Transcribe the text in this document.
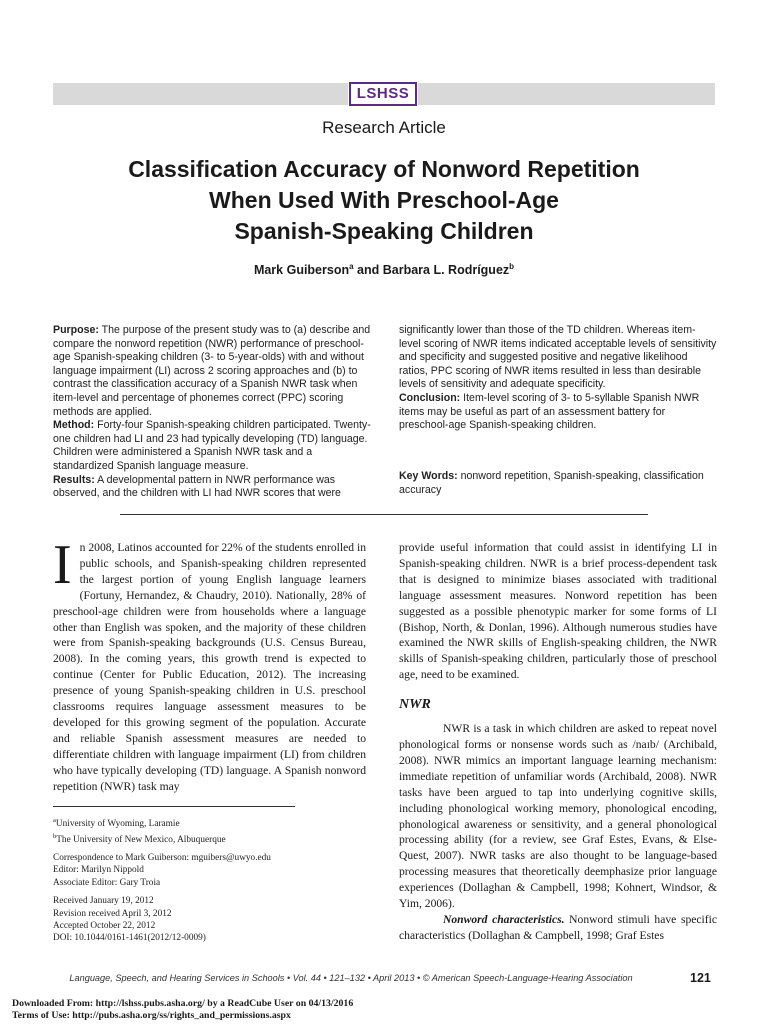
LSHSS
Research Article
Classification Accuracy of Nonword Repetition
When Used With Preschool-Age
Spanish-Speaking Children
Mark Guiberson$^a$ and Barbara L. Rodríguez$^b$

Purpose: The purpose of the present study was to (a) describe and compare the nonword repetition (NWR) performance of preschool-age Spanish-speaking children (3- to 5-year-olds) with and without language impairment (LI) across 2 scoring approaches and (b) to contrast the classification accuracy of a Spanish NWR task when item-level and percentage of phonemes correct (PPC) scoring methods are applied.

Method: Forty-four Spanish-speaking children participated. Twenty-one children had LI and 23 had typically developing (TD) language. Children were administered a Spanish NWR task and a standardized Spanish language measure.

Results: A developmental pattern in NWR performance was observed, and the children with LI had NWR scores that were

significantly lower than those of the TD children. Whereas item-level scoring of NWR items indicated acceptable levels of sensitivity and specificity and suggested positive and negative likelihood ratios, PPC scoring of NWR items resulted in less than desirable levels of sensitivity and adequate specificity.

Conclusion: Item-level scoring of 3- to 5-syllable Spanish NWR items may be useful as part of an assessment battery for preschool-age Spanish-speaking children.

Key Words: nonword repetition, Spanish-speaking, classification accuracy

In 2008, Latinos accounted for 22% of the students enrolled in public schools, and Spanish-speaking children represented the largest portion of young English language learners (Fortuny, Hernandez, & Chaudry, 2010). Nationally, 28% of preschool-age children were from households where a language other than English was spoken, and the majority of these children were from Spanish-speaking backgrounds (U.S. Census Bureau, 2008). In the coming years, this growth trend is expected to continue (Center for Public Education, 2012). The increasing presence of young Spanish-speaking children in U.S. preschool classrooms requires language assessment measures to be developed for this growing segment of the population. Accurate and reliable Spanish assessment measures are needed to differentiate children with language impairment (LI) from children who have typically developing (TD) language. A Spanish nonword repetition (NWR) task may

provide useful information that could assist in identifying LI in Spanish-speaking children. NWR is a brief process-dependent task that is designed to minimize biases associated with traditional language assessment measures. Nonword repetition has been suggested as a possible phenotypic marker for some forms of LI (Bishop, North, & Donlan, 1996). Although numerous studies have examined the NWR skills of English-speaking children, the NWR skills of Spanish-speaking children, particularly those of preschool age, need to be examined.

NWR

NWR is a task in which children are asked to repeat novel phonological forms or nonsense words such as /naɪb/ (Archibald, 2008). NWR mimics an important language learning mechanism: immediate repetition of unfamiliar words (Archibald, 2008). NWR tasks have been argued to tap into underlying cognitive skills, including phonological working memory, phonological encoding, phonological awareness or sensitivity, and a general phonological processing ability (for a review, see Graf Estes, Evans, & Else-Quest, 2007). NWR tasks are also thought to be language-based processing measures that theoretically deemphasize prior language experiences (Dollaghan & Campbell, 1998; Kohnert, Windsor, & Yim, 2006).

Nonword characteristics. Nonword stimuli have specific characteristics (Dollaghan & Campbell, 1998; Graf Estes

$^a$University of Wyoming, Laramie
$^b$The University of New Mexico, Albuquerque
Correspondence to Mark Guiberson: mguibers@uwyo.edu
Editor: Marilyn Nippold
Associate Editor: Gary Troia
Received January 19, 2012
Revision received April 3, 2012
Accepted October 22, 2012
DOI: 10.1044/0161-1461(2012/12-0009)
Language, Speech, and Hearing Services in Schools • Vol. 44 • 121–132 • April 2013 • © American Speech-Language-Hearing Association	121
Downloaded From: http://lshss.pubs.asha.org/ by a ReadCube User on 04/13/2016
Terms of Use: http://pubs.asha.org/ss/rights_and_permissions.aspx
